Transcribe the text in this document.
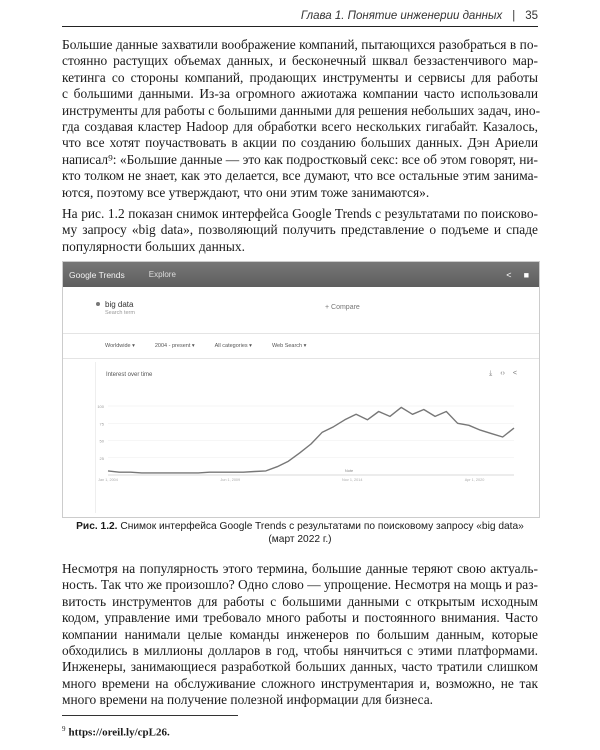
Глава 1. Понятие инженерии данных | 35
Большие данные захватили воображение компаний, пытающихся разобраться в по-
стоянно растущих объемах данных, и бесконечный шквал беззастенчивого мар-
кетинга со стороны компаний, продающих инструменты и сервисы для работы
с большими данными. Из-за огромного ажиотажа компании часто использовали
инструменты для работы с большими данными для решения небольших задач, ино-
гда создавая кластер Hadoop для обработки всего нескольких гигабайт. Казалось,
что все хотят поучаствовать в акции по созданию больших данных. Дэн Ариели
написал⁹: «Большие данные — это как подростковый секс: все об этом говорят, ни-
кто толком не знает, как это делается, все думают, что все остальные этим занима-
ются, поэтому все утверждают, что они этим тоже занимаются».
На рис. 1.2 показан снимок интерфейса Google Trends с результатами по поисково-
му запросу «big data», позволяющий получить представление о подъеме и спаде
популярности больших данных.
Google Trends	Explore	< ■
big data
Search term
+ Compare
Worldwide ▾	2004 - present ▾	All categories ▾	Web Search ▾
Interest over time	⤓ ‹› <
100
75
50
25
Jan 1, 2004	Jun 1, 2009	Nov 1, 2014	Apr 1, 2020
Note
Рис. 1.2. Снимок интерфейса Google Trends с результатами по поисковому запросу «big data»
(март 2022 г.)
Несмотря на популярность этого термина, большие данные теряют свою актуаль-
ность. Так что же произошло? Одно слово — упрощение. Несмотря на мощь и раз-
витость инструментов для работы с большими данными с открытым исходным
кодом, управление ими требовало много работы и постоянного внимания. Часто
компании нанимали целые команды инженеров по большим данным, которые
обходились в миллионы долларов в год, чтобы нянчиться с этими платформами.
Инженеры, занимающиеся разработкой больших данных, часто тратили слишком
много времени на обслуживание сложного инструментария и, возможно, не так
много времени на получение полезной информации для бизнеса.
$^9$ https://oreil.ly/cpL26.
